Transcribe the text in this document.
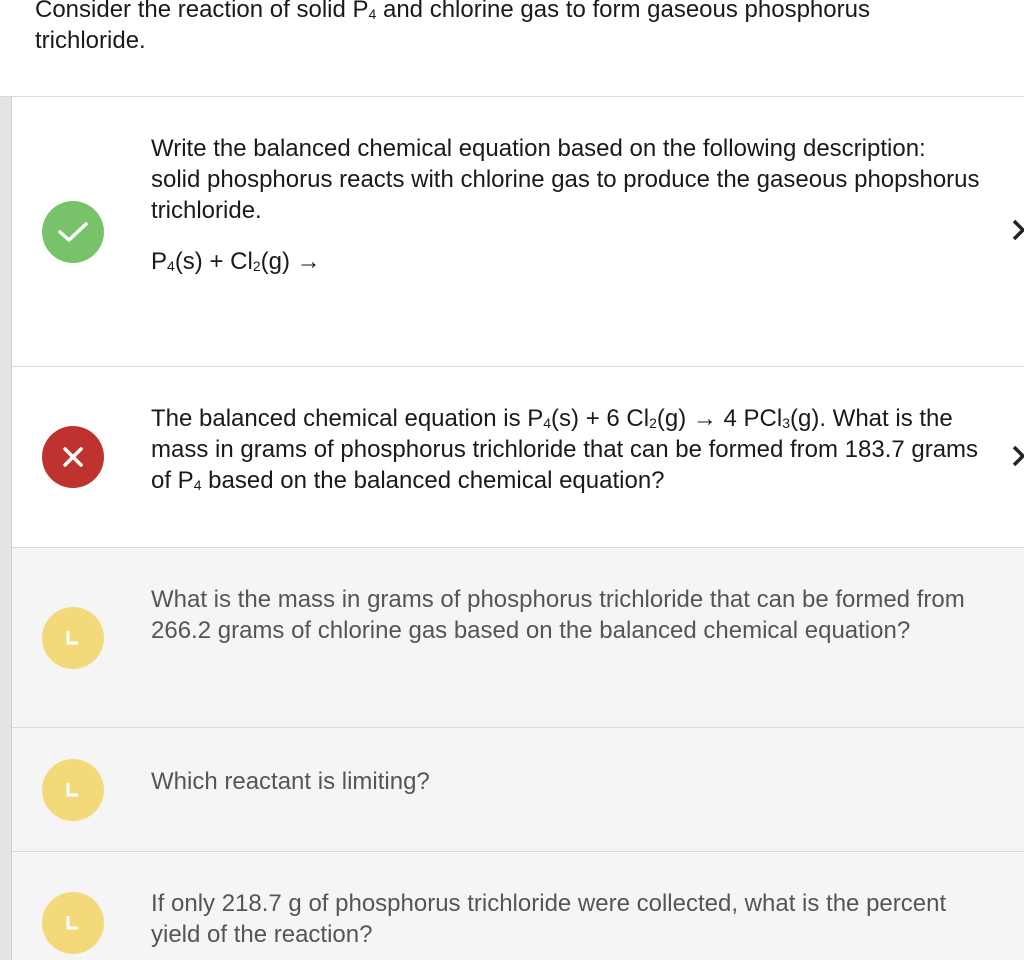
Consider the reaction of solid $P_4$ and chlorine gas to form gaseous phosphorus
trichloride.
Write the balanced chemical equation based on the following description:
solid phosphorus reacts with chlorine gas to produce the gaseous phopshorus trichloride.
$P_4(s) + Cl_2(g)$ →
The balanced chemical equation is $P_4(s) + 6$ $Cl_2(g) \to 4$ PCl$_3$(g). What is the mass in grams of phosphorus trichloride that can be formed from 183.7 grams of $P_4$ based on the balanced chemical equation?
What is the mass in grams of phosphorus trichloride that can be formed from 266.2 grams of chlorine gas based on the balanced chemical equation?
Which reactant is limiting?
If only 218.7 g of phosphorus trichloride were collected, what is the percent yield of the reaction?
